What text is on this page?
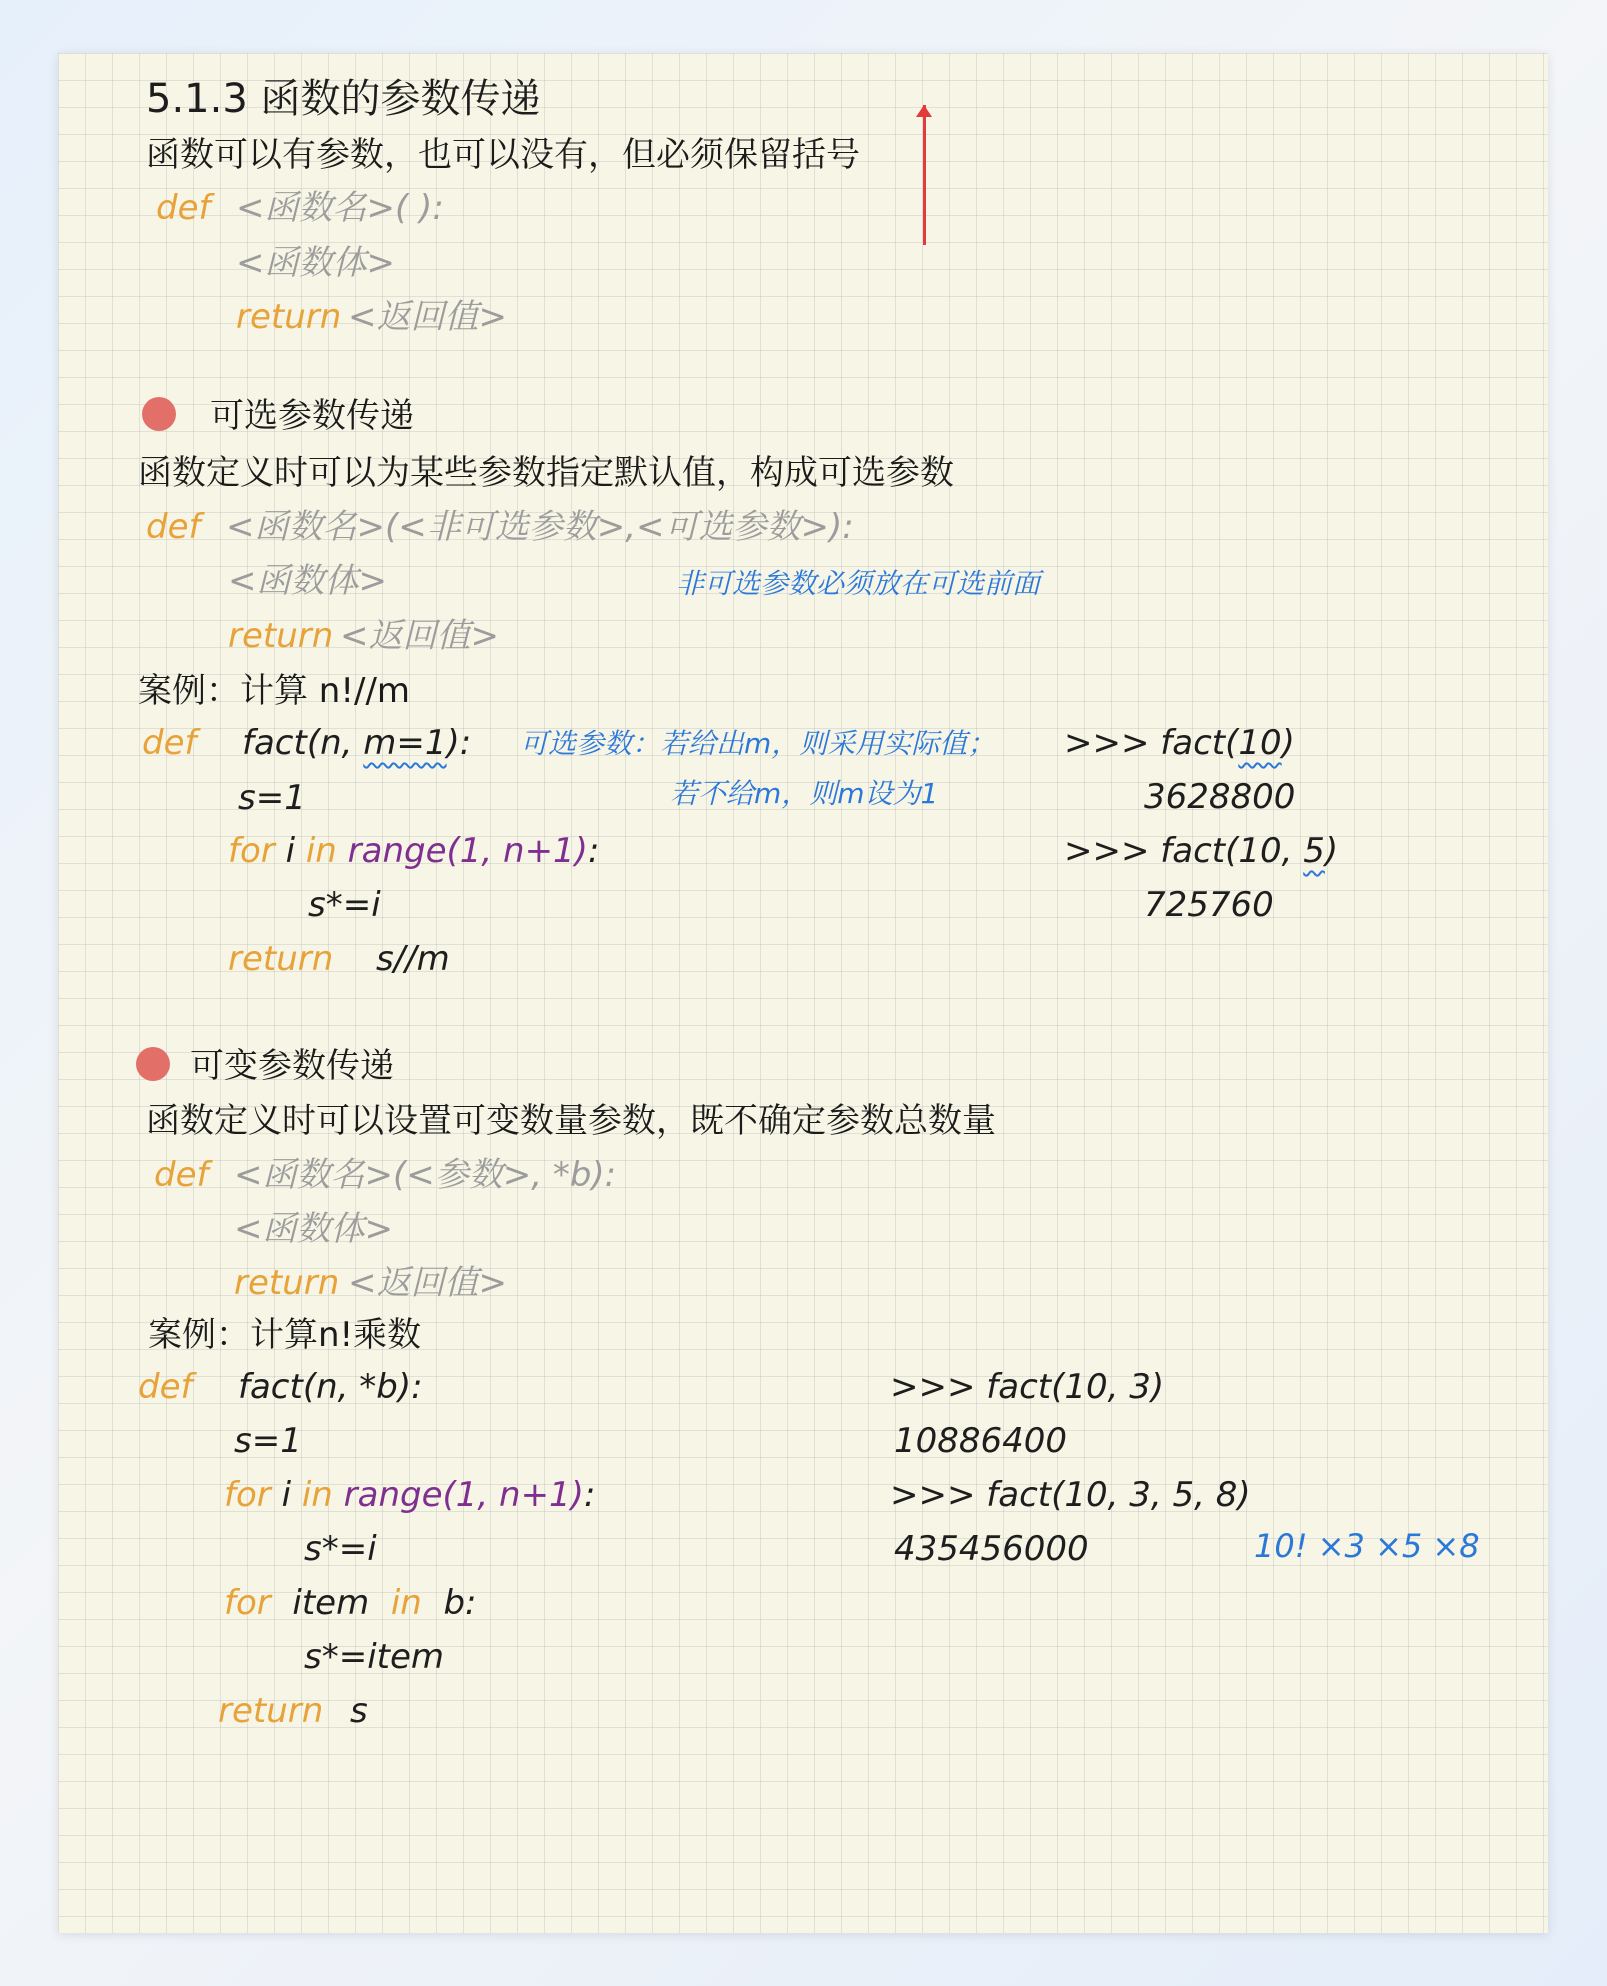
5.1.3 函数的参数传递
函数可以有参数，也可以没有，但必须保留括号
def <函数名>( ):
<函数体>
return <返回值>
可选参数传递
函数定义时可以为某些参数指定默认值，构成可选参数
def <函数名>(<非可选参数>,<可选参数>):
<函数体>	非可选参数必须放在可选前面
return <返回值>
案例：计算 n!//m
def fact(n, m=1): 可选参数：若给出m，则采用实际值；
若不给m，则m设为1
s=1
for i in range(1, n+1):
s*=i
return s//m
>>> fact(10)
3628800
>>> fact(10, 5)
725760
可变参数传递
函数定义时可以设置可变数量参数，既不确定参数总数量
def <函数名>(<参数>, *b):
<函数体>
return <返回值>
案例：计算n!乘数
def fact(n, *b):
s=1
for i in range(1, n+1):
s*=i
for item in b:
s*=item
return s
>>> fact(10, 3)
10886400
>>> fact(10, 3, 5, 8)
435456000	10! ×3 ×5 ×8
